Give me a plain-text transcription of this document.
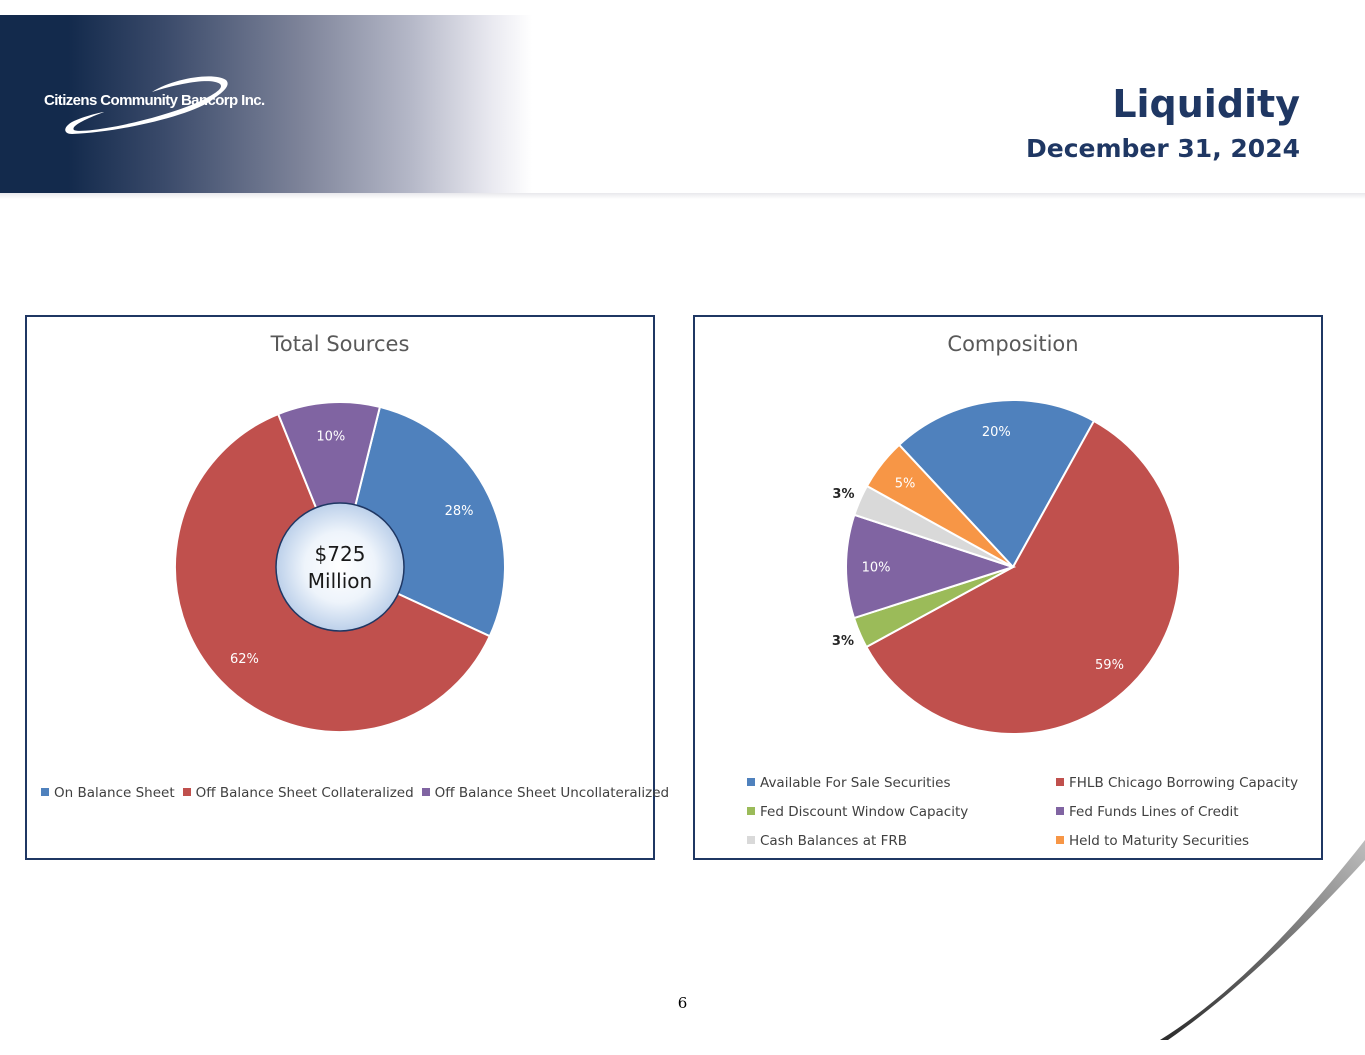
Citizens Community Bancorp Inc.	Liquidity
December 31, 2024
Total Sources
28%
62%
10%
$725
Million
On Balance Sheet Off Balance Sheet Collateralized Off Balance Sheet Uncollateralized
Composition
20%
59%
3%
10%
3%
5%
Available For Sale Securities	FHLB Chicago Borrowing Capacity
Fed Discount Window Capacity	Fed Funds Lines of Credit
Cash Balances at FRB	Held to Maturity Securities
6
